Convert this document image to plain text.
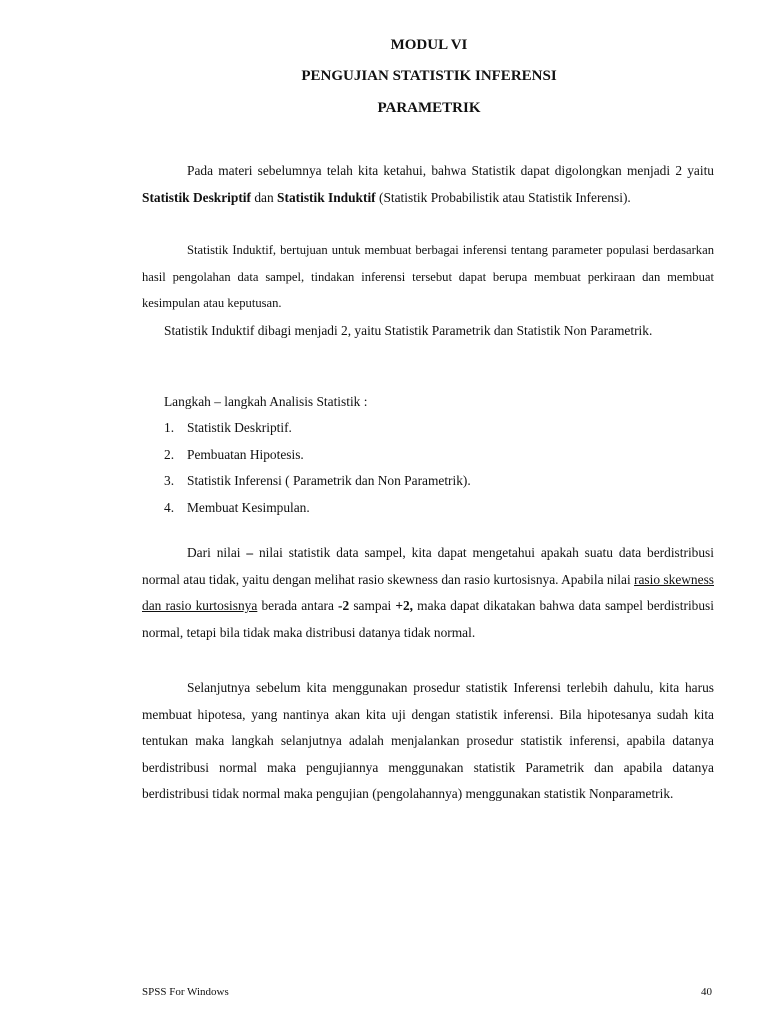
MODUL VI
PENGUJIAN STATISTIK INFERENSI
PARAMETRIK

Pada materi sebelumnya telah kita ketahui, bahwa Statistik dapat digolongkan menjadi 2 yaitu Statistik Deskriptif dan Statistik Induktif (Statistik Probabilistik atau Statistik Inferensi).

Statistik Induktif, bertujuan untuk membuat berbagai inferensi tentang parameter populasi berdasarkan hasil pengolahan data sampel, tindakan inferensi tersebut dapat berupa membuat perkiraan dan membuat kesimpulan atau keputusan.

Statistik Induktif dibagi menjadi 2, yaitu Statistik Parametrik dan Statistik Non Parametrik.

Langkah – langkah Analisis Statistik :

1. Statistik Deskriptif.
2. Pembuatan Hipotesis.
3. Statistik Inferensi ( Parametrik dan Non Parametrik).
4. Membuat Kesimpulan.

Dari nilai – nilai statistik data sampel, kita dapat mengetahui apakah suatu data berdistribusi normal atau tidak, yaitu dengan melihat rasio skewness dan rasio kurtosisnya. Apabila nilai rasio skewness dan rasio kurtosisnya berada antara -2 sampai +2, maka dapat dikatakan bahwa data sampel berdistribusi normal, tetapi bila tidak maka distribusi datanya tidak normal.

Selanjutnya sebelum kita menggunakan prosedur statistik Inferensi terlebih dahulu, kita harus membuat hipotesa, yang nantinya akan kita uji dengan statistik inferensi. Bila hipotesanya sudah kita tentukan maka langkah selanjutnya adalah menjalankan prosedur statistik inferensi, apabila datanya berdistribusi normal maka pengujiannya menggunakan statistik Parametrik dan apabila datanya berdistribusi tidak normal maka pengujian (pengolahannya) menggunakan statistik Nonparametrik.

SPSS For Windows	40
